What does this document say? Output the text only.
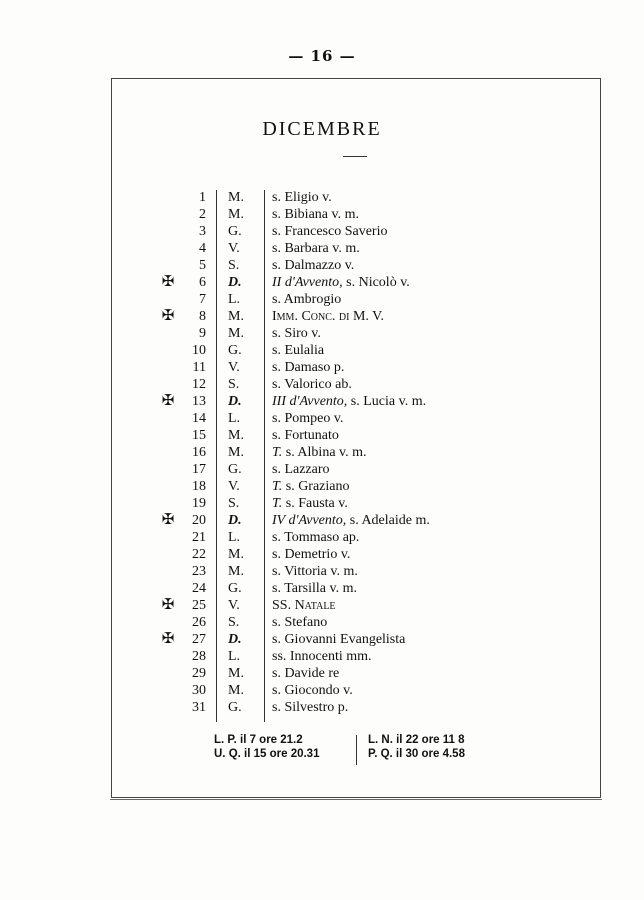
— 16 —
DICEMBRE
1 M.	s. Eligio v.
2 M.	s. Bibiana v. m.
3 G.	s. Francesco Saverio
4 V.	s. Barbara v. m.
5 S.	s. Dalmazzo v.
✠	6 D.	II d'Avvento, s. Nicolò v.
7 L.	s. Ambrogio
✠	8 M.	Imm. Conc. di M. V.
9 M.	s. Siro v.
10 G.	s. Eulalia
11 V.	s. Damaso p.
12 S.	s. Valorico ab.
✠	13 D.	III d'Avvento, s. Lucia v. m.
14 L.	s. Pompeo v.
15 M.	s. Fortunato
16 M.	T. s. Albina v. m.
17 G.	s. Lazzaro
18 V.	T. s. Graziano
19 S.	T. s. Fausta v.
✠	20 D.	IV d'Avvento, s. Adelaide m.
21 L.	s. Tommaso ap.
22 M.	s. Demetrio v.
23 M.	s. Vittoria v. m.
24 G.	s. Tarsilla v. m.
✠	25 V.	SS. Natale
26 S.	s. Stefano
✠	27 D.	s. Giovanni Evangelista
28 L.	ss. Innocenti mm.
29 M.	s. Davide re
30 M.	s. Giocondo v.
31 G.	s. Silvestro p.
L. P. il 7 ore 21.2
U. Q. il 15 ore 20.31
L. N. il 22 ore 11 8
P. Q. il 30 ore 4.58
